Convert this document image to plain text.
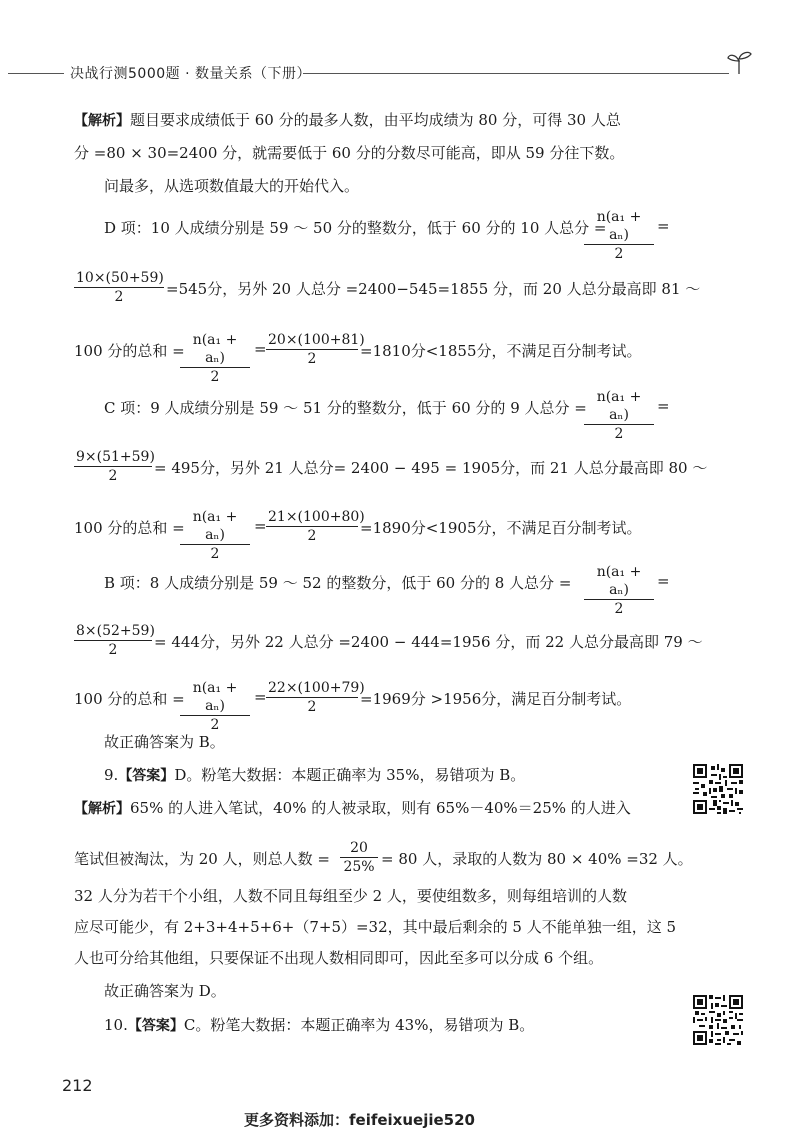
决战行测5000题 · 数量关系（下册）
【解析】题目要求成绩低于 60 分的最多人数，由平均成绩为 80 分，可得 30 人总
分 =80 × 30=2400 分，就需要低于 60 分的分数尽可能高，即从 59 分往下数。
问最多，从选项数值最大的开始代入。
D 项：10 人成绩分别是 59 ～ 50 分的整数分，低于 60 分的 10 人总分 =
$\frac{\text{n(a₁ + aₙ)}}{2}$ =
$\frac{10\times(50+59)}{2} =545$分，另外 20 人总分 =2400−545=1855 分，而 20 人总分最高即 81 ～
100 分的总和 =
$\frac{\text{n(a₁ + aₙ)}}{2} = \frac{20\times(100+81)}{2} =1810$分<1855分，不满足百分制考试。
C 项：9 人成绩分别是 59 ～ 51 分的整数分，低于 60 分的 9 人总分 =
$\frac{\text{n(a₁ + aₙ)}}{2}$ =
$\frac{9\times(51+59)}{2} = 495$分，另外 21 人总分= 2400 − 495 = 1905分，而 21 人总分最高即 80 ～
100 分的总和 =
$\frac{\text{n(a₁ + aₙ)}}{2} = \frac{21\times(100+80)}{2} =1890$分<1905分，不满足百分制考试。
B 项：8 人成绩分别是 59 ～ 52 的整数分，低于 60 分的 8 人总分 = $\frac{\text{n(a₁ + aₙ)}}{2}$ =
$\frac{8\times(52+59)}{2} = 444$分，另外 22 人总分 =2400 − 444=1956 分，而 22 人总分最高即 79 ～
100 分的总和 =
$\frac{\text{n(a₁ + aₙ)}}{2} = \frac{22\times(100+79)}{2} =1969$分 >1956分，满足百分制考试。
故正确答案为 B。
9.【答案】D。粉笔大数据：本题正确率为 35%，易错项为 B。
【解析】65% 的人进入笔试，40% 的人被录取，则有 65%－40%＝25% 的人进入
笔试但被淘汰，为 20 人，则总人数 = $\frac{20}{25\%} = 80$ 人，录取的人数为 80 × 40% =32 人。
32 人分为若干个小组，人数不同且每组至少 2 人，要使组数多，则每组培训的人数
应尽可能少，有 2+3+4+5+6+（7+5）=32，其中最后剩余的 5 人不能单独一组，这 5
人也可分给其他组，只要保证不出现人数相同即可，因此至多可以分成 6 个组。
故正确答案为 D。
10.【答案】C。粉笔大数据：本题正确率为 43%，易错项为 B。
212
更多资料添加：feifeixuejie520
